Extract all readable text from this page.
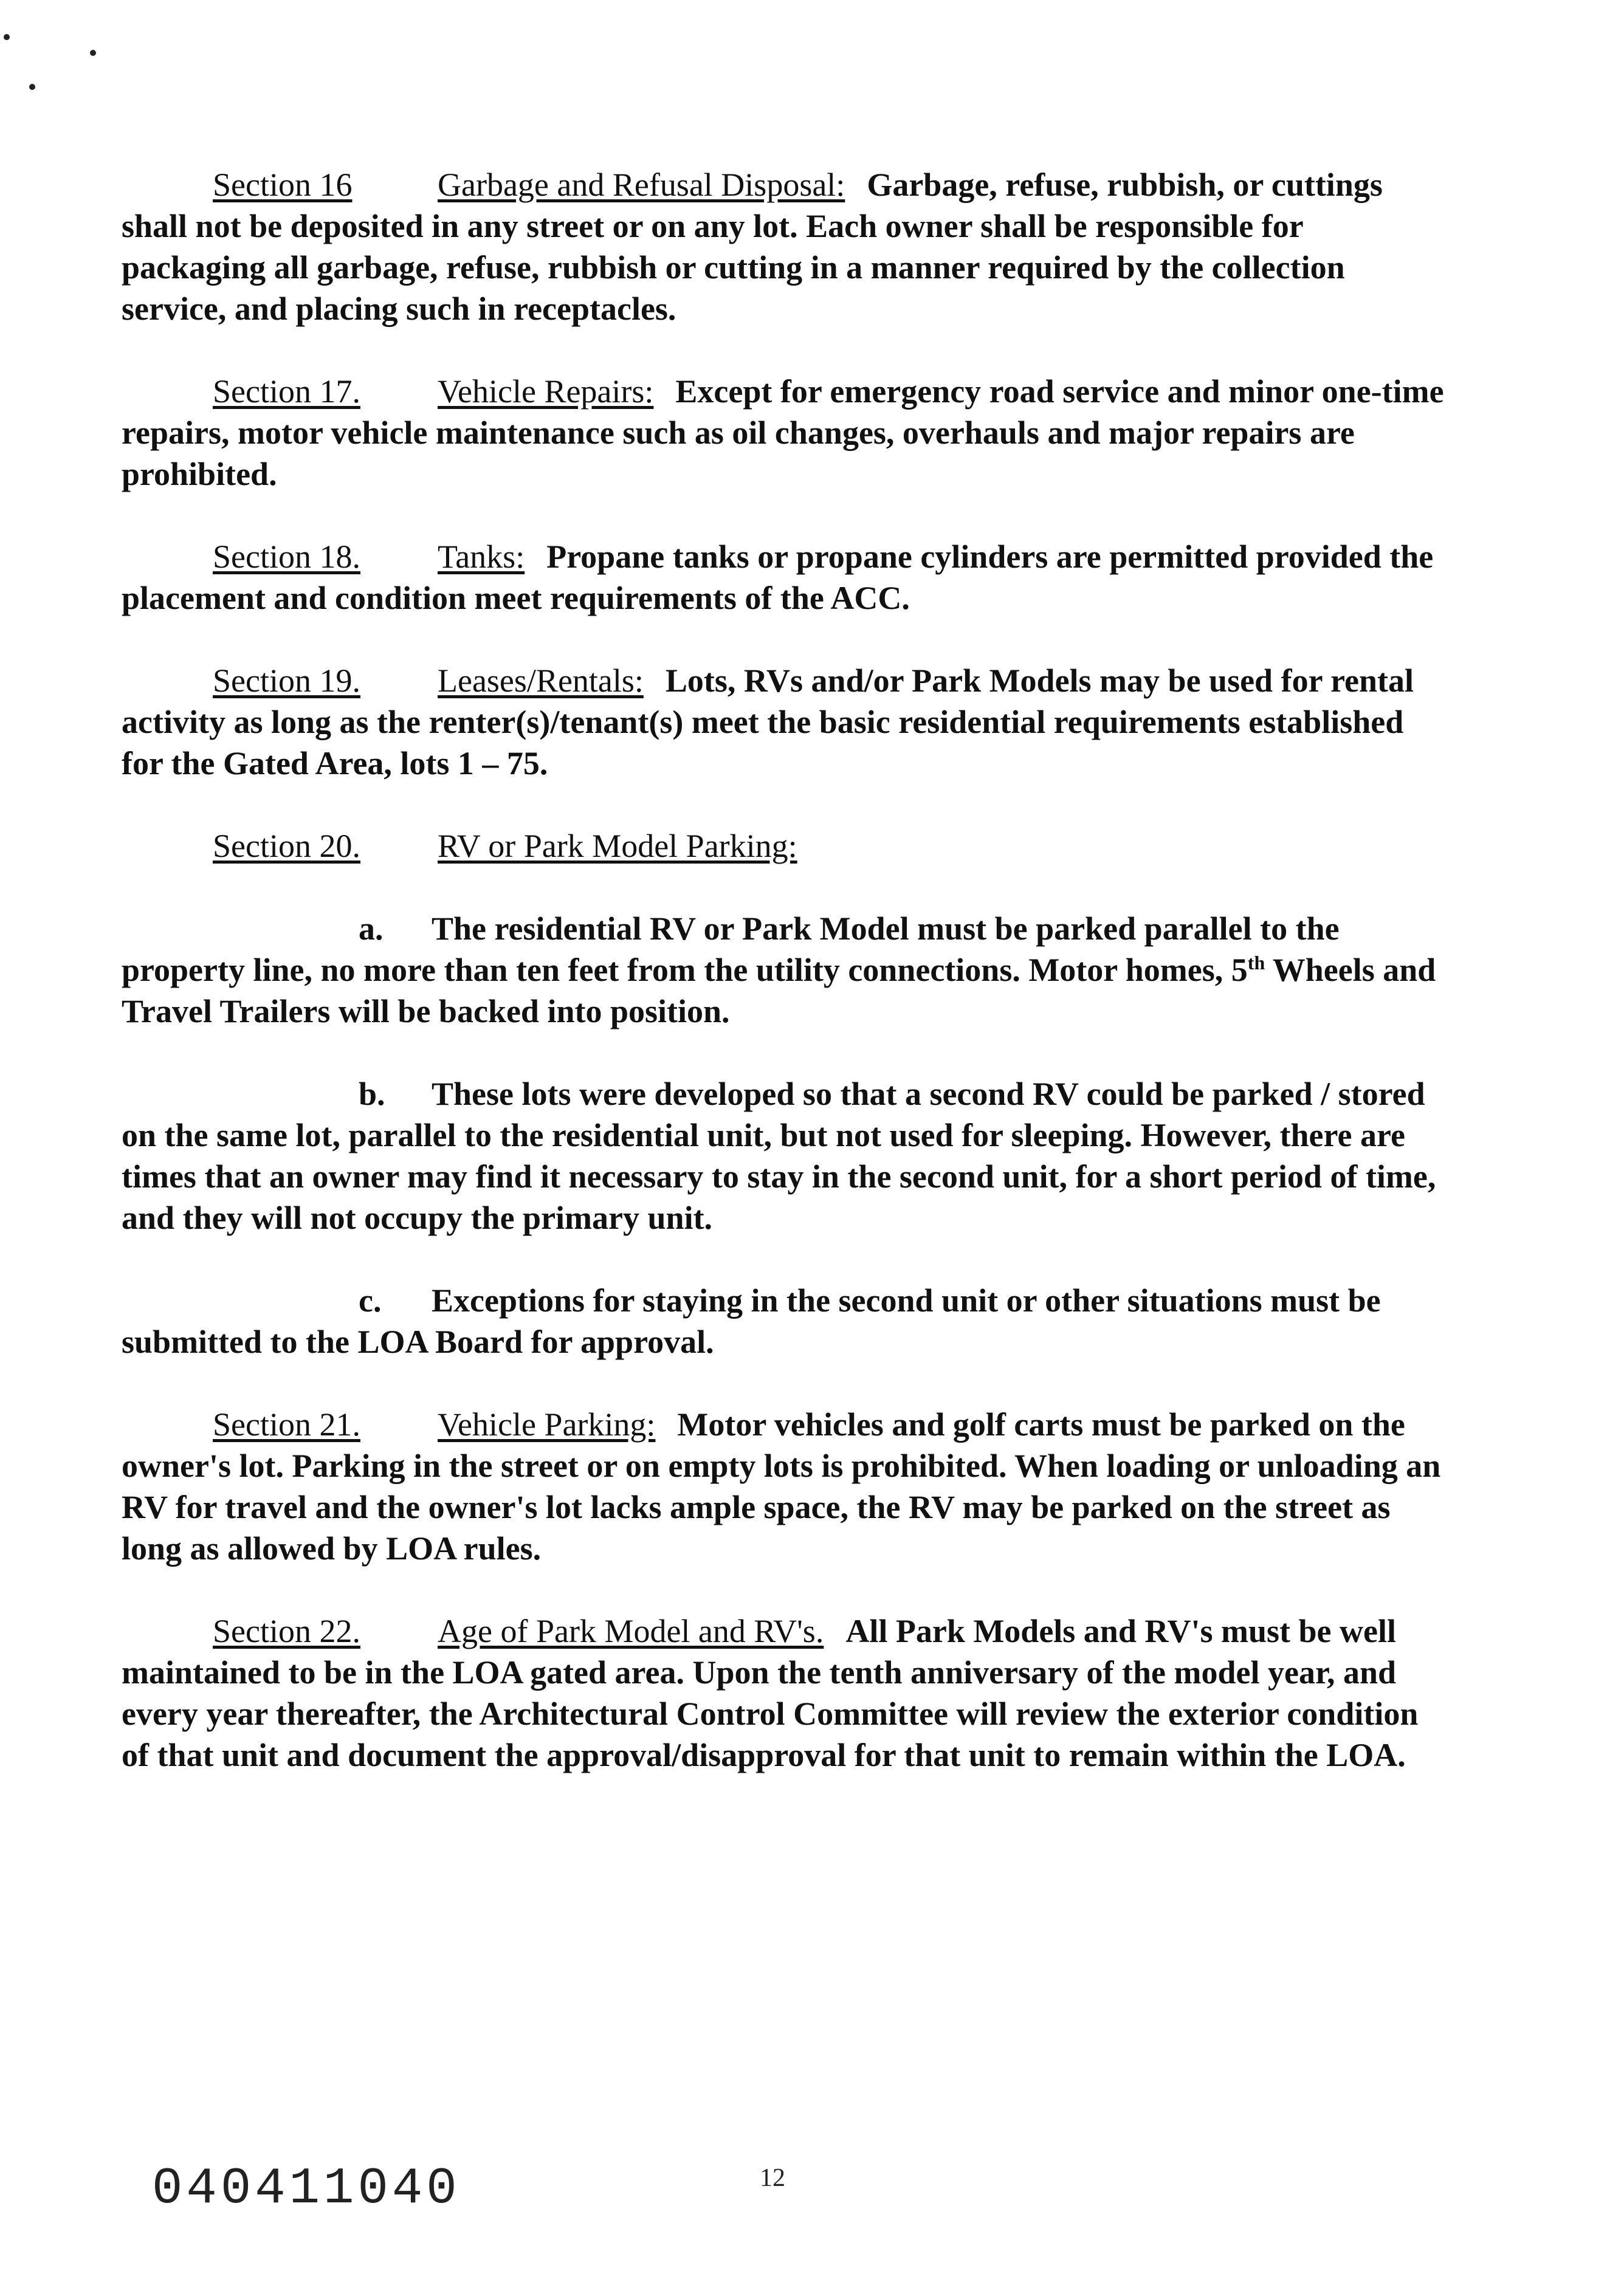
Section 16	Garbage and Refusal Disposal: Garbage, refuse, rubbish, or cuttings shall not be deposited in any street or on any lot. Each owner shall be responsible for packaging all garbage, refuse, rubbish or cutting in a manner required by the collection service, and placing such in receptacles.

Section 17. Vehicle Repairs: Except for emergency road service and minor one-time repairs, motor vehicle maintenance such as oil changes, overhauls and major repairs are prohibited.

Section 18. Tanks: Propane tanks or propane cylinders are permitted provided the placement and condition meet requirements of the ACC.

Section 19. Leases/Rentals: Lots, RVs and/or Park Models may be used for rental activity as long as the renter(s)/tenant(s) meet the basic residential requirements established for the Gated Area, lots 1 – 75.

Section 20. RV or Park Model Parking:

a. The residential RV or Park Model must be parked parallel to the property line, no more than ten feet from the utility connections. Motor homes, 5th Wheels and Travel Trailers will be backed into position.

b. These lots were developed so that a second RV could be parked / stored on the same lot, parallel to the residential unit, but not used for sleeping. However, there are times that an owner may find it necessary to stay in the second unit, for a short period of time, and they will not occupy the primary unit.

c. Exceptions for staying in the second unit or other situations must be submitted to the LOA Board for approval.

Section 21. Vehicle Parking: Motor vehicles and golf carts must be parked on the owner's lot. Parking in the street or on empty lots is prohibited. When loading or unloading an RV for travel and the owner's lot lacks ample space, the RV may be parked on the street as long as allowed by LOA rules.

Section 22. Age of Park Model and RV's. All Park Models and RV's must be well maintained to be in the LOA gated area. Upon the tenth anniversary of the model year, and every year thereafter, the Architectural Control Committee will review the exterior condition of that unit and document the approval/disapproval for that unit to remain within the LOA.

040411040	12
